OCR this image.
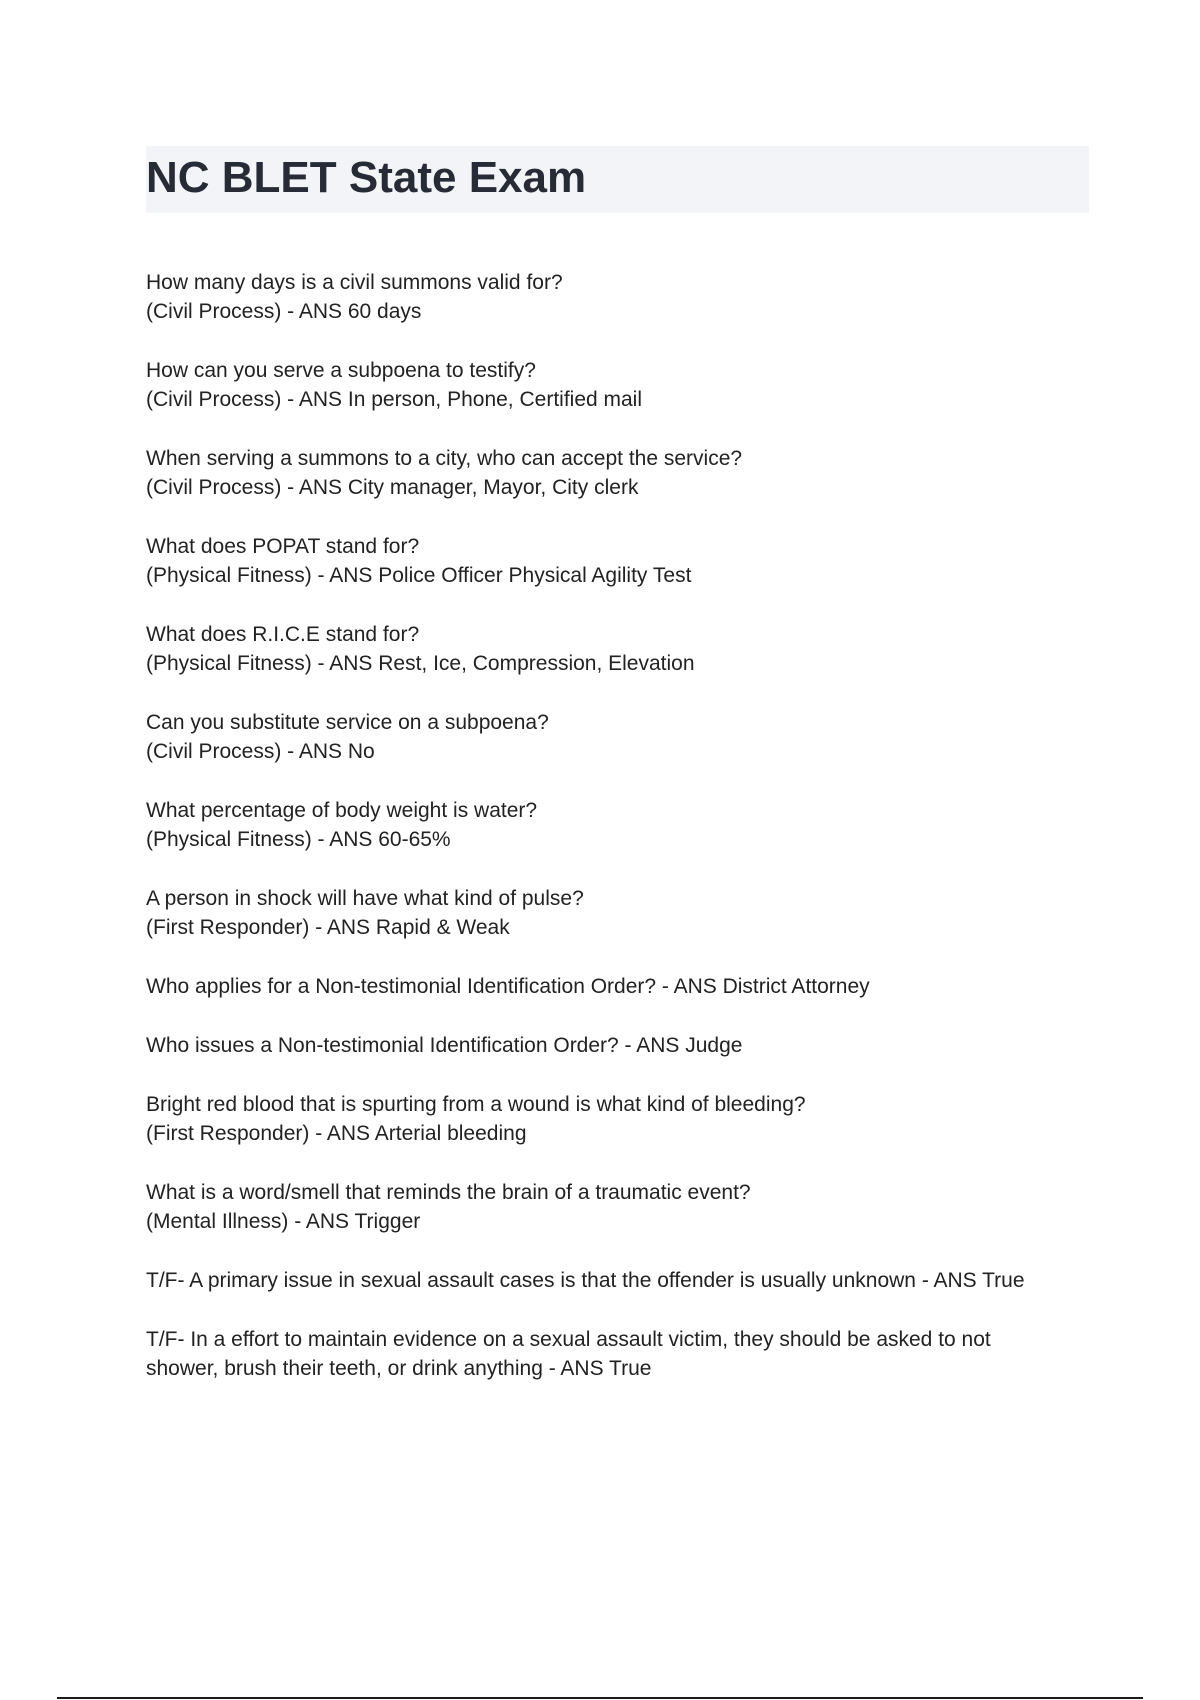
NC BLET State Exam
How many days is a civil summons valid for?
(Civil Process) - ANS 60 days
How can you serve a subpoena to testify?
(Civil Process) - ANS In person, Phone, Certified mail
When serving a summons to a city, who can accept the service?
(Civil Process) - ANS City manager, Mayor, City clerk
What does POPAT stand for?
(Physical Fitness) - ANS Police Officer Physical Agility Test
What does R.I.C.E stand for?
(Physical Fitness) - ANS Rest, Ice, Compression, Elevation
Can you substitute service on a subpoena?
(Civil Process) - ANS No
What percentage of body weight is water?
(Physical Fitness) - ANS 60-65%
A person in shock will have what kind of pulse?
(First Responder) - ANS Rapid & Weak
Who applies for a Non-testimonial Identification Order? - ANS District Attorney
Who issues a Non-testimonial Identification Order? - ANS Judge
Bright red blood that is spurting from a wound is what kind of bleeding?
(First Responder) - ANS Arterial bleeding
What is a word/smell that reminds the brain of a traumatic event?
(Mental Illness) - ANS Trigger
T/F- A primary issue in sexual assault cases is that the offender is usually unknown - ANS True
T/F- In a effort to maintain evidence on a sexual assault victim, they should be asked to not
shower, brush their teeth, or drink anything - ANS True
